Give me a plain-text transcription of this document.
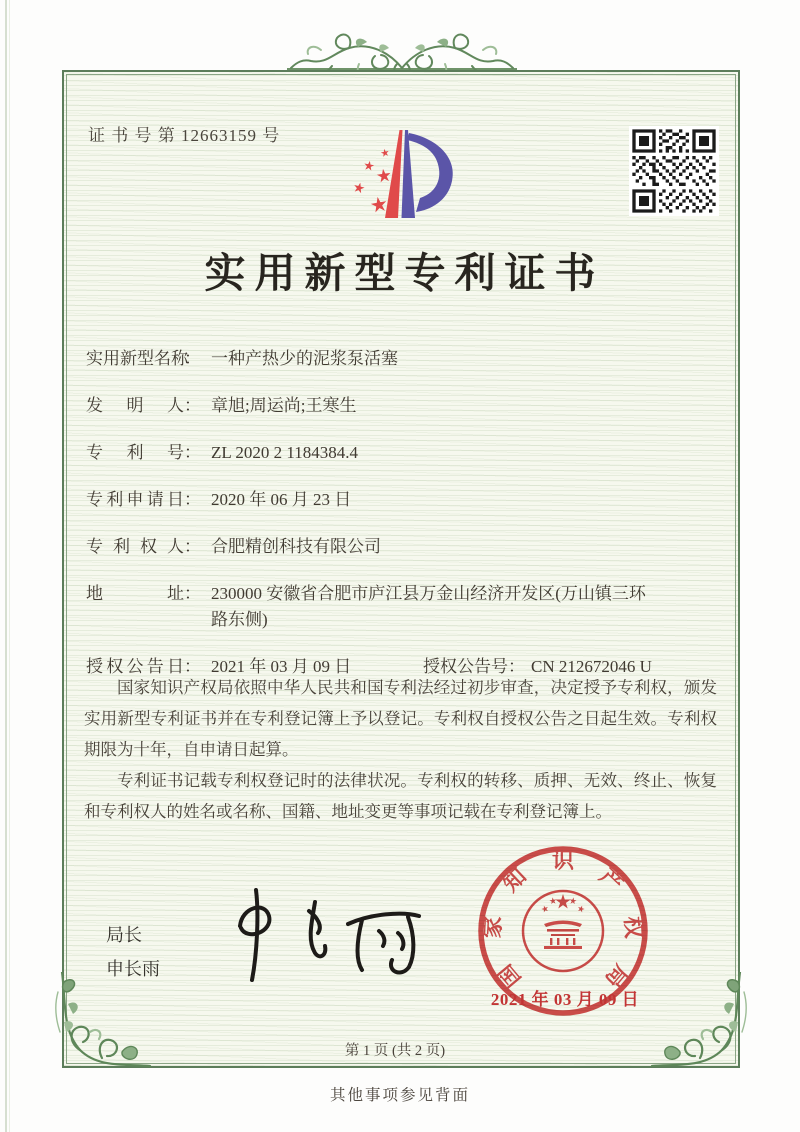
证 书 号 第 12663159 号
实用新型专利证书
实用新型名称： 一种产热少的泥浆泵活塞
发明人： 章旭;周运尚;王寒生
专利号： ZL 2020 2 1184384.4
专利申请日： 2020 年 06 月 23 日
专利权人： 合肥精创科技有限公司
地址： 230000 安徽省合肥市庐江县万金山经济开发区(万山镇三环路东侧)
授权公告日： 2021 年 03 月 09 日	授权公告号： CN 212672046 U

国家知识产权局依照中华人民共和国专利法经过初步审查，决定授予专利权，颁发实用新型专利证书并在专利登记簿上予以登记。专利权自授权公告之日起生效。专利权期限为十年，自申请日起算。

专利证书记载专利权登记时的法律状况。专利权的转移、质押、无效、终止、恢复和专利权人的姓名或名称、国籍、地址变更等事项记载在专利登记簿上。

局长
申长雨	国
家
知
识
产
权
局
2021 年 03 月 09 日
第 1 页 (共 2 页)
其他事项参见背面
